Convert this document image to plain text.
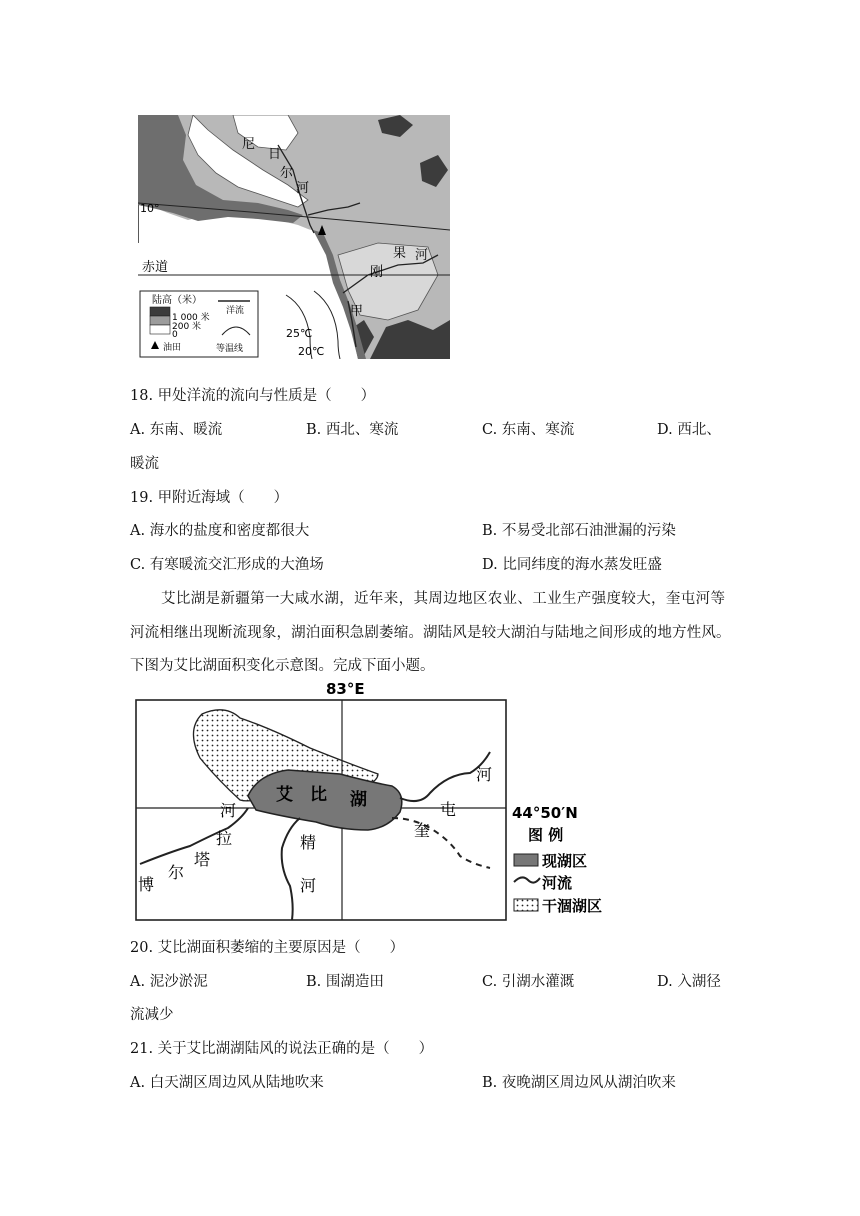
尼
日
尔
河
10°
赤道
果 河
刚
甲
25℃
20℃
陆高（米）
1 000 米
200 米
0
油田
洋流
等温线
18. 甲处洋流的流向与性质是（　　）
A. 东南、暖流	B. 西北、寒流	C. 东南、寒流	D. 西北、
暖流
19. 甲附近海域（　　）
A. 海水的盐度和密度都很大	B. 不易受北部石油泄漏的污染
C. 有寒暖流交汇形成的大渔场	D. 比同纬度的海水蒸发旺盛
艾比湖是新疆第一大咸水湖，近年来，其周边地区农业、工业生产强度较大，奎屯河等
河流相继出现断流现象，湖泊面积急剧萎缩。湖陆风是较大湖泊与陆地之间形成的地方性风。
下图为艾比湖面积变化示意图。完成下面小题。
83°E
艾 比 湖
奎
屯
河
博
尔
塔
拉
河
精
河
44°50′N
图 例
现湖区
河流
干涸湖区
20. 艾比湖面积萎缩的主要原因是（　　）
A. 泥沙淤泥	B. 围湖造田	C. 引湖水灌溉	D. 入湖径
流减少
21. 关于艾比湖湖陆风的说法正确的是（　　）
A. 白天湖区周边风从陆地吹来	B. 夜晚湖区周边风从湖泊吹来
